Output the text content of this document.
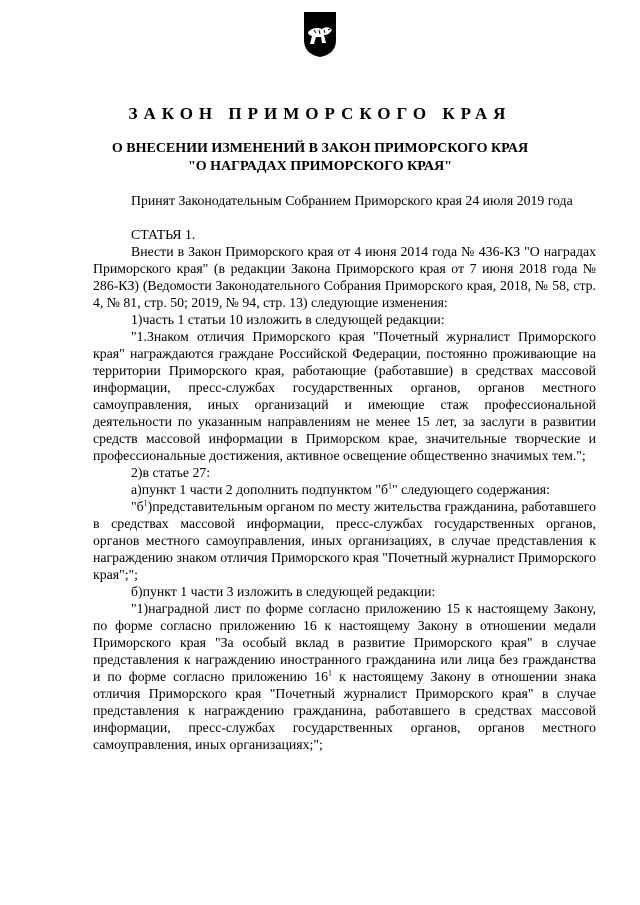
ЗАКОН ПРИМОРСКОГО КРАЯ
О ВНЕСЕНИИ ИЗМЕНЕНИЙ В ЗАКОН ПРИМОРСКОГО КРАЯ
"О НАГРАДАХ ПРИМОРСКОГО КРАЯ"

Принят Законодательным Собранием Приморского края 24 июля 2019 года

СТАТЬЯ 1.

Внести в Закон Приморского края от 4 июня 2014 года № 436-КЗ "О наградах Приморского края" (в редакции Закона Приморского края от 7 июня 2018 года № 286-КЗ) (Ведомости Законодательного Собрания Приморского края, 2018, № 58, стр. 4, № 81, стр. 50; 2019, № 94, стр. 13) следующие изменения:

1)часть 1 статьи 10 изложить в следующей редакции:

"1.Знаком отличия Приморского края "Почетный журналист Приморского края" награждаются граждане Российской Федерации, постоянно проживающие на территории Приморского края, работающие (работавшие) в средствах массовой информации, пресс-службах государственных органов, органов местного самоуправления, иных организаций и имеющие стаж профессиональной деятельности по указанным направлениям не менее 15 лет, за заслуги в развитии средств массовой информации в Приморском крае, значительные творческие и профессиональные достижения, активное освещение общественно значимых тем.";

2)в статье 27:

а)пункт 1 части 2 дополнить подпунктом "$б^1$" следующего содержания:

"$б^1)представительным$ органом по месту жительства гражданина, работавшего в средствах массовой информации, пресс-службах государственных органов, органов местного самоуправления, иных организациях, в случае представления к награждению знаком отличия Приморского края "Почетный журналист Приморского края";";

б)пункт 1 части 3 изложить в следующей редакции:

"1)наградной лист по форме согласно приложению 15 к настоящему Закону, по форме согласно приложению 16 к настоящему Закону в отношении медали Приморского края "За особый вклад в развитие Приморского края" в случае представления к награждению иностранного гражданина или лица без гражданства и по форме согласно приложению $16^1$ к настоящему Закону в отношении знака отличия Приморского края "Почетный журналист Приморского края" в случае представления к награждению гражданина, работавшего в средствах массовой информации, пресс-службах государственных органов, органов местного самоуправления, иных организациях;";
